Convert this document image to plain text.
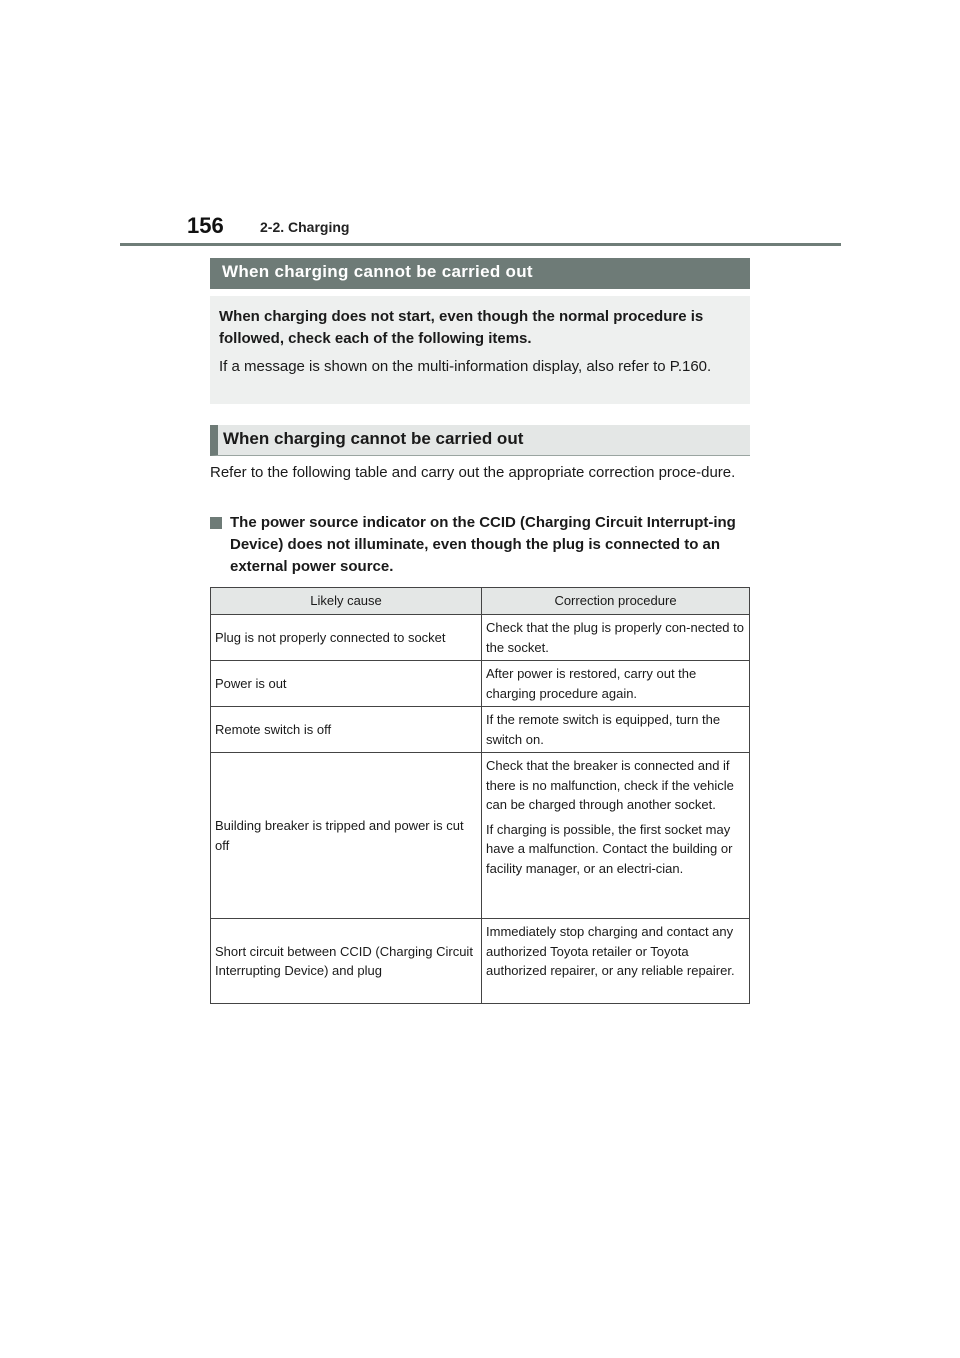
156	2-2. Charging
When charging cannot be carried out

When charging does not start, even though the normal procedure is followed, check each of the following items.

If a message is shown on the multi-information display, also refer to P.160.

When charging cannot be carried out

Refer to the following table and carry out the appropriate correction proce-dure.

The power source indicator on the CCID (Charging Circuit Interrupt-ing Device) does not illuminate, even though the plug is connected to an external power source.
Likely cause	Correction procedure
Plug is not properly connected to socket	Check that the plug is properly con-nected to the socket.

Power is out	After power is restored, carry out the charging procedure again.

Remote switch is off	If the remote switch is equipped, turn the switch on.

Building breaker is tripped and power is cut off	Check that the breaker is connected and if there is no malfunction, check if the vehicle can be charged through another socket.

If charging is possible, the first socket may have a malfunction. Contact the building or facility manager, or an electri-cian.

Short circuit between CCID (Charging Circuit Interrupting Device) and plug	Immediately stop charging and contact any authorized Toyota retailer or Toyota authorized repairer, or any reliable repairer.
